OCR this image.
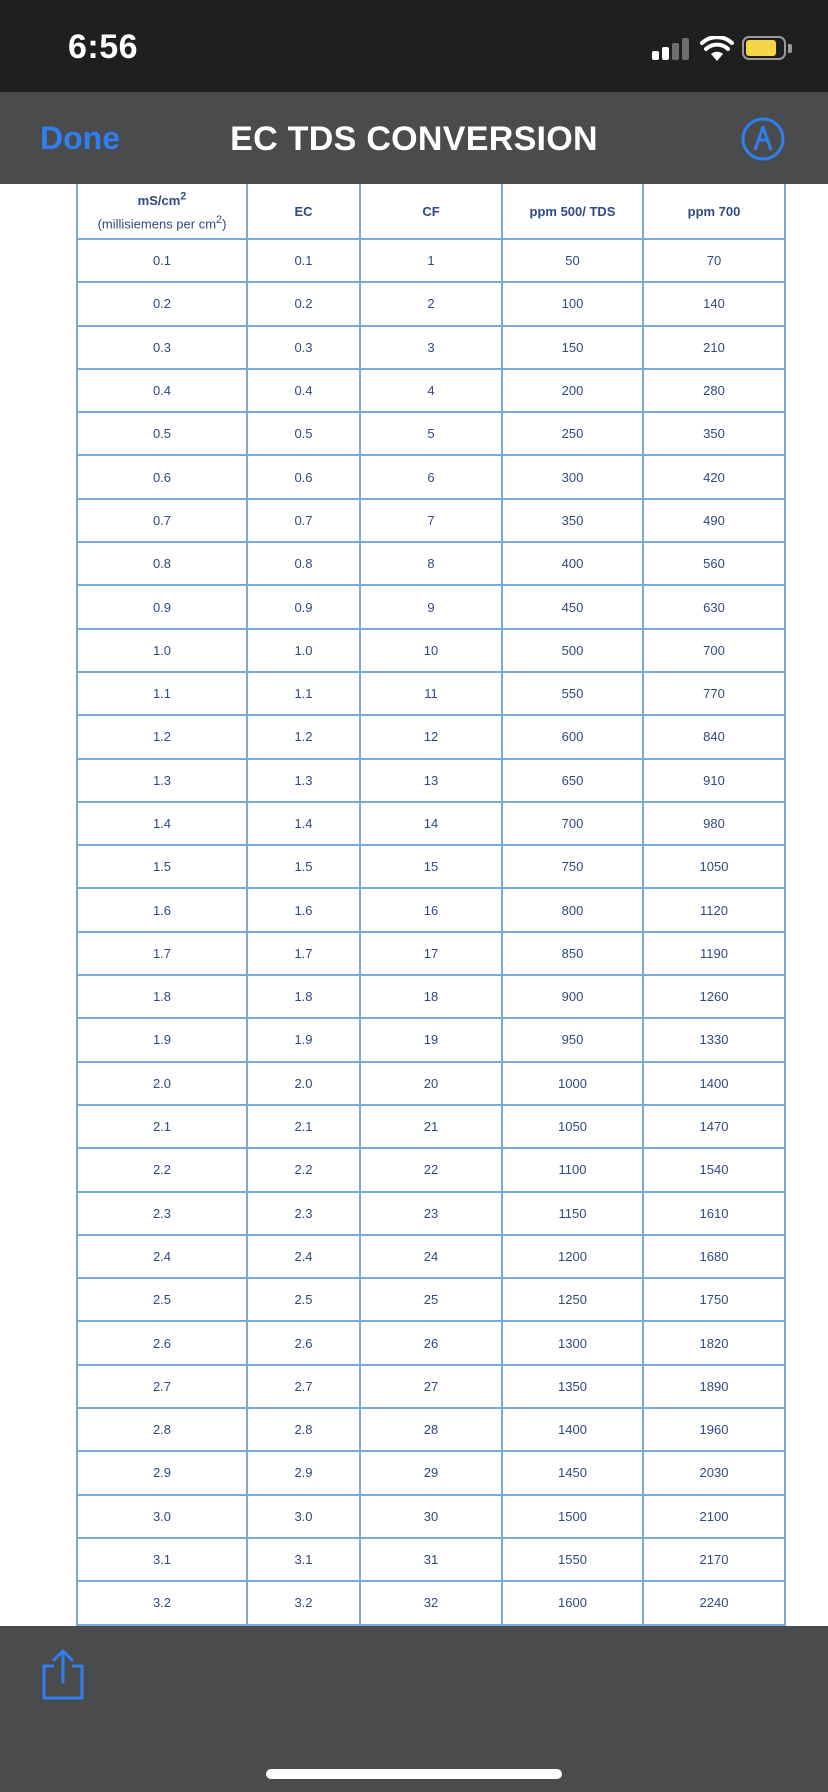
6:56
Done	EC TDS CONVERSION
$mS/cm^2$
(millisiemens per $cm^2$)	EC	CF	ppm 500/ TDS	ppm 700
0.1	0.1	1	50	70
0.2	0.2	2	100	140
0.3	0.3	3	150	210
0.4	0.4	4	200	280
0.5	0.5	5	250	350
0.6	0.6	6	300	420
0.7	0.7	7	350	490
0.8	0.8	8	400	560
0.9	0.9	9	450	630
1.0	1.0	10	500	700
1.1	1.1	11	550	770
1.2	1.2	12	600	840
1.3	1.3	13	650	910
1.4	1.4	14	700	980
1.5	1.5	15	750	1050
1.6	1.6	16	800	1120
1.7	1.7	17	850	1190
1.8	1.8	18	900	1260
1.9	1.9	19	950	1330
2.0	2.0	20	1000	1400
2.1	2.1	21	1050	1470
2.2	2.2	22	1100	1540
2.3	2.3	23	1150	1610
2.4	2.4	24	1200	1680
2.5	2.5	25	1250	1750
2.6	2.6	26	1300	1820
2.7	2.7	27	1350	1890
2.8	2.8	28	1400	1960
2.9	2.9	29	1450	2030
3.0	3.0	30	1500	2100
3.1	3.1	31	1550	2170
3.2	3.2	32	1600	2240
